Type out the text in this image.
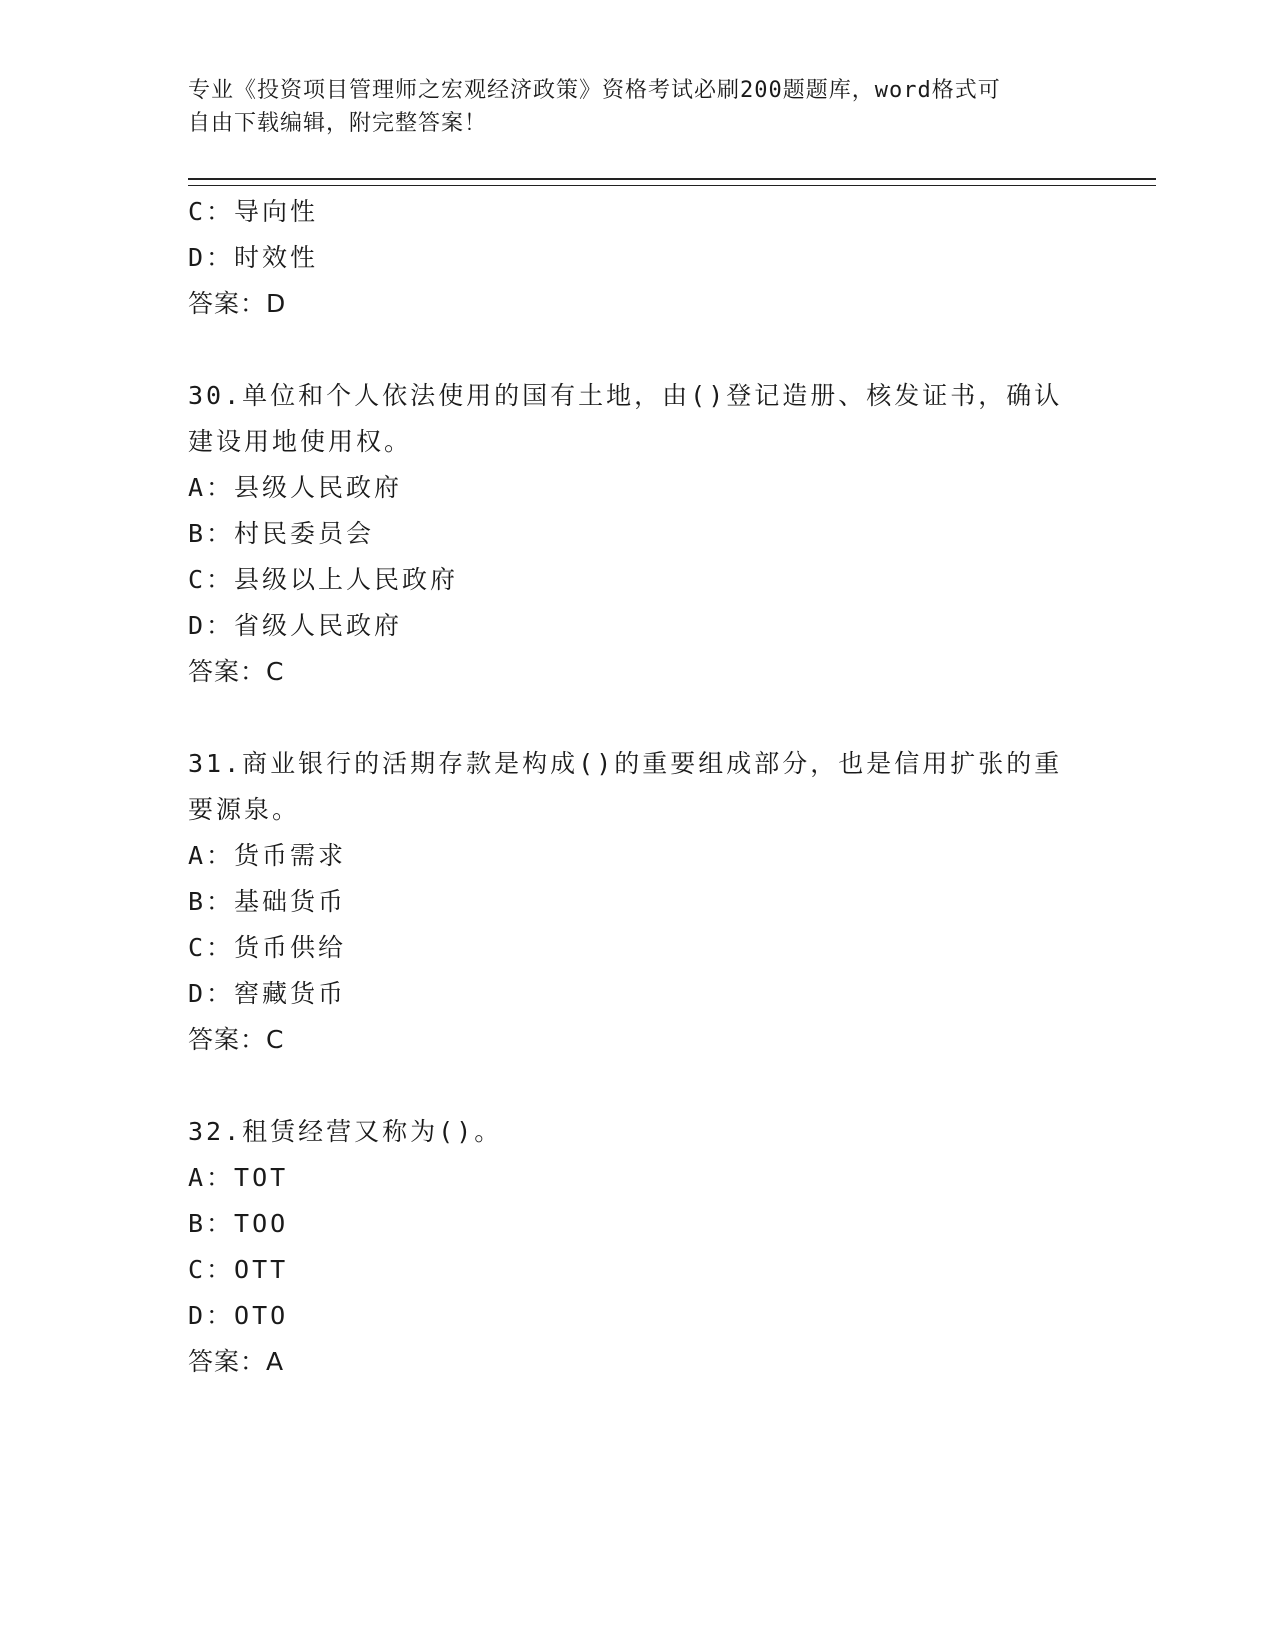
专业《投资项目管理师之宏观经济政策》资格考试必刷200题题库，word格式可
自由下载编辑，附完整答案！
C：导向性
D：时效性
答案：D
30.单位和个人依法使用的国有土地，由()登记造册、核发证书，确认
建设用地使用权。
A：县级人民政府
B：村民委员会
C：县级以上人民政府
D：省级人民政府
答案：C
31.商业银行的活期存款是构成()的重要组成部分，也是信用扩张的重
要源泉。
A：货币需求
B：基础货币
C：货币供给
D：窖藏货币
答案：C
32.租赁经营又称为()。
A：TOT
B：TOO
C：OTT
D：OTO
答案：A
